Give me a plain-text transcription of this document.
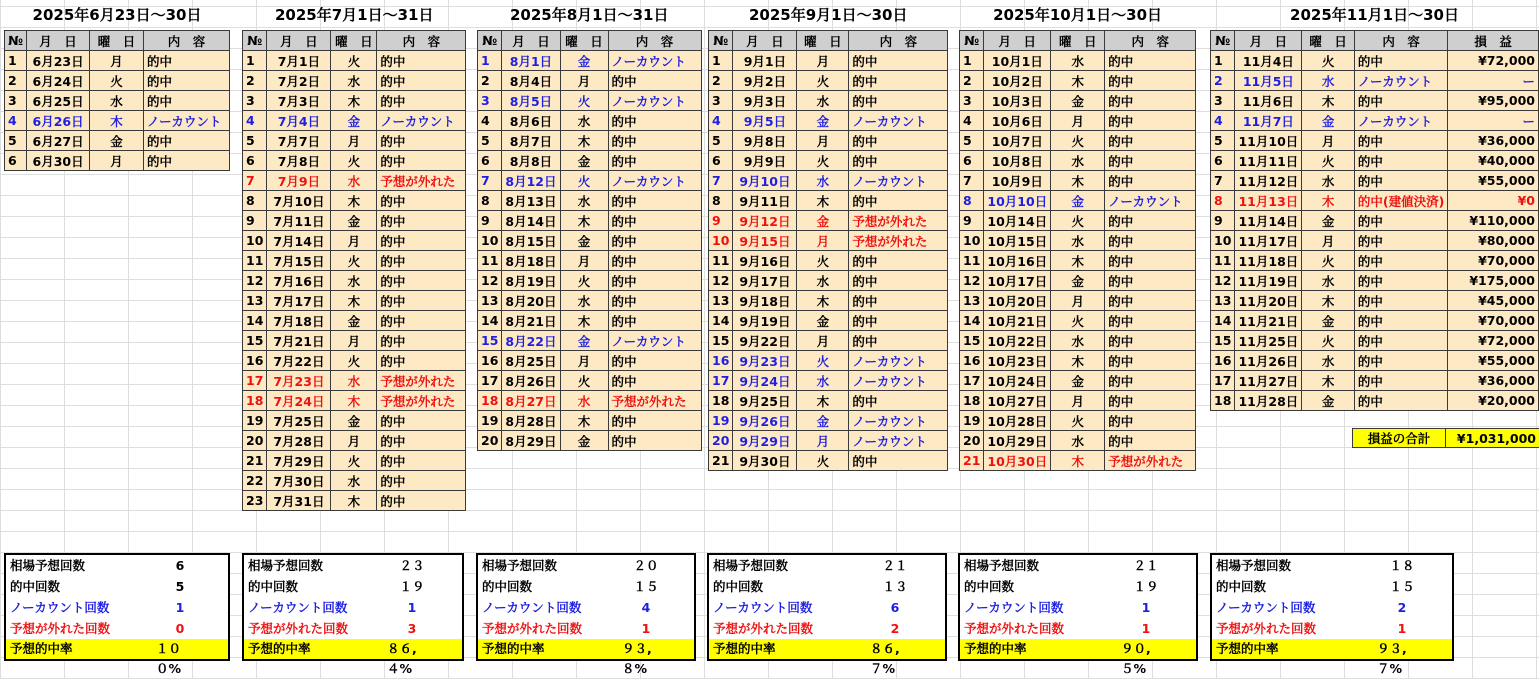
2025年6月23日～30日
№	月　日	曜　日	内　容
1	6月23日	月	的中
2	6月24日	火	的中
3	6月25日	水	的中
4	6月26日	木	ノーカウント
5	6月27日	金	的中
6	6月30日	月	的中
相場予想回数	6
的中回数	5
ノーカウント回数	1
予想が外れた回数	0
予想的中率	１００%
2025年7月1日～31日
№	月　日	曜　日	内　容
1	7月1日	火	的中
2	7月2日	水	的中
3	7月3日	木	的中
4	7月4日	金	ノーカウント
5	7月7日	月	的中
6	7月8日	火	的中
7	7月9日	水	予想が外れた
8	7月10日	木	的中
9	7月11日	金	的中
10	7月14日	月	的中
11	7月15日	火	的中
12	7月16日	水	的中
13	7月17日	木	的中
14	7月18日	金	的中
15	7月21日	月	的中
16	7月22日	火	的中
17	7月23日	水	予想が外れた
18	7月24日	木	予想が外れた
19	7月25日	金	的中
20	7月28日	月	的中
21	7月29日	火	的中
22	7月30日	水	的中
23	7月31日	木	的中
相場予想回数	２３
的中回数	１９
ノーカウント回数	1
予想が外れた回数	3
予想的中率	８６,４%
2025年8月1日～31日
№	月　日	曜　日	内　容
1	8月1日	金	ノーカウント
2	8月4日	月	的中
3	8月5日	火	ノーカウント
4	8月6日	水	的中
5	8月7日	木	的中
6	8月8日	金	的中
7	8月12日	火	ノーカウント
8	8月13日	水	的中
9	8月14日	木	的中
10	8月15日	金	的中
11	8月18日	月	的中
12	8月19日	火	的中
13	8月20日	水	的中
14	8月21日	木	的中
15	8月22日	金	ノーカウント
16	8月25日	月	的中
17	8月26日	火	的中
18	8月27日	水	予想が外れた
19	8月28日	木	的中
20	8月29日	金	的中
相場予想回数	２０
的中回数	１５
ノーカウント回数	4
予想が外れた回数	1
予想的中率	９３,８%
2025年9月1日～30日
№	月　日	曜　日	内　容
1	9月1日	月	的中
2	9月2日	火	的中
3	9月3日	水	的中
4	9月5日	金	ノーカウント
5	9月8日	月	的中
6	9月9日	火	的中
7	9月10日	水	ノーカウント
8	9月11日	木	的中
9	9月12日	金	予想が外れた
10	9月15日	月	予想が外れた
11	9月16日	火	的中
12	9月17日	水	的中
13	9月18日	木	的中
14	9月19日	金	的中
15	9月22日	月	的中
16	9月23日	火	ノーカウント
17	9月24日	水	ノーカウント
18	9月25日	木	的中
19	9月26日	金	ノーカウント
20	9月29日	月	ノーカウント
21	9月30日	火	的中
相場予想回数	２１
的中回数	１３
ノーカウント回数	6
予想が外れた回数	2
予想的中率	８６,７%
2025年10月1日～30日
№	月　日	曜　日	内　容
1	10月1日	水	的中
2	10月2日	木	的中
3	10月3日	金	的中
4	10月6日	月	的中
5	10月7日	火	的中
6	10月8日	水	的中
7	10月9日	木	的中
8	10月10日	金	ノーカウント
9	10月14日	火	的中
10	10月15日	水	的中
11	10月16日	木	的中
12	10月17日	金	的中
13	10月20日	月	的中
14	10月21日	火	的中
15	10月22日	水	的中
16	10月23日	木	的中
17	10月24日	金	的中
18	10月27日	月	的中
19	10月28日	火	的中
20	10月29日	水	的中
21	10月30日	木	予想が外れた
相場予想回数	２１
的中回数	１９
ノーカウント回数	1
予想が外れた回数	1
予想的中率	９０,５%
2025年11月1日～30日
№	月　日	曜　日	内　容	損　益
1	11月4日	火	的中	¥72,000
2	11月5日	水	ノーカウント	ー
3	11月6日	木	的中	¥95,000
4	11月7日	金	ノーカウント	ー
5	11月10日	月	的中	¥36,000
6	11月11日	火	的中	¥40,000
7	11月12日	水	的中	¥55,000
8	11月13日	木	的中(建値決済)	¥0
9	11月14日	金	的中	¥110,000
10	11月17日	月	的中	¥80,000
11	11月18日	火	的中	¥70,000
12	11月19日	水	的中	¥175,000
13	11月20日	木	的中	¥45,000
14	11月21日	金	的中	¥70,000
15	11月25日	火	的中	¥72,000
16	11月26日	水	的中	¥55,000
17	11月27日	木	的中	¥36,000
18	11月28日	金	的中	¥20,000
損益の合計	¥1,031,000
相場予想回数	１８
的中回数	１５
ノーカウント回数	2
予想が外れた回数	1
予想的中率	９３,７%
